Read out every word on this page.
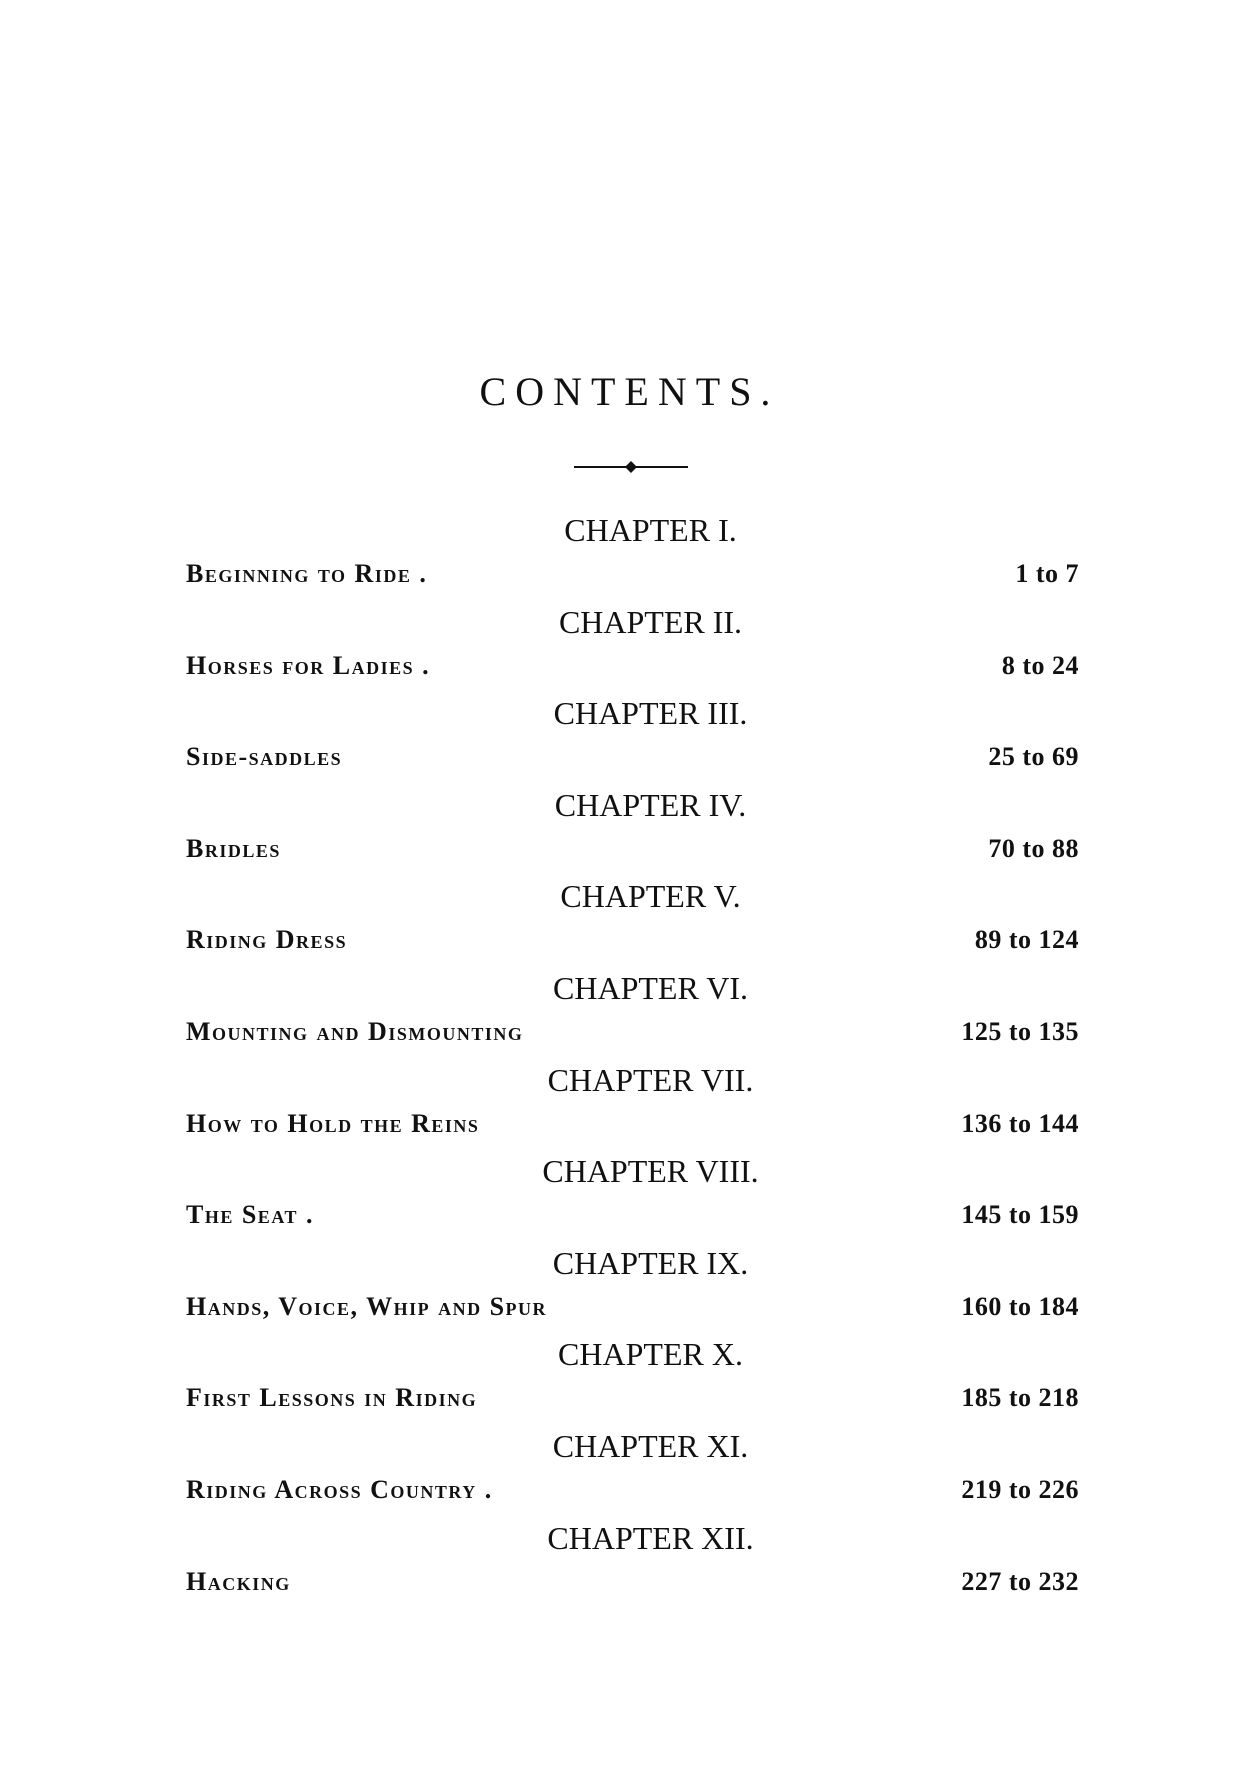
CONTENTS.
CHAPTER I.
Beginning to Ride .	1 to 7
CHAPTER II.
Horses for Ladies .	8 to 24
CHAPTER III.
Side-saddles	25 to 69
CHAPTER IV.
Bridles	70 to 88
CHAPTER V.
Riding Dress	89 to 124
CHAPTER VI.
Mounting and Dismounting	125 to 135
CHAPTER VII.
How to Hold the Reins	136 to 144
CHAPTER VIII.
The Seat .	145 to 159
CHAPTER IX.
Hands, Voice, Whip and Spur	160 to 184
CHAPTER X.
First Lessons in Riding	185 to 218
CHAPTER XI.
Riding Across Country .	219 to 226
CHAPTER XII.
Hacking	227 to 232
